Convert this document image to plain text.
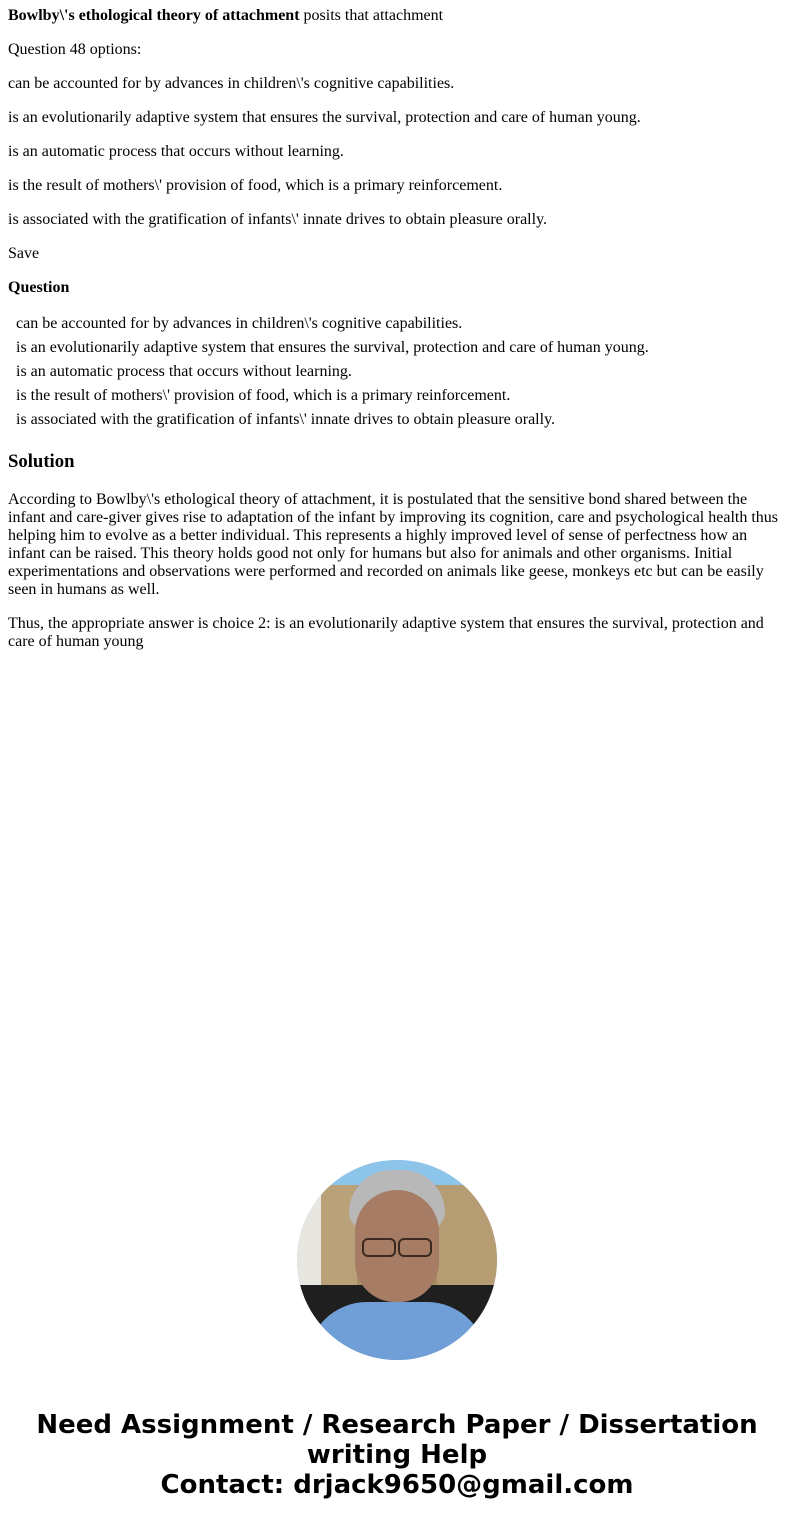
Bowlby\'s ethological theory of attachment posits that attachment

Question 48 options:

can be accounted for by advances in children\'s cognitive capabilities.

is an evolutionarily adaptive system that ensures the survival, protection and care of human young.

is an automatic process that occurs without learning.

is the result of mothers\' provision of food, which is a primary reinforcement.

is associated with the gratification of infants\' innate drives to obtain pleasure orally.

Save

Question

can be accounted for by advances in children\'s cognitive capabilities.
is an evolutionarily adaptive system that ensures the survival, protection and care of human young.
is an automatic process that occurs without learning.
is the result of mothers\' provision of food, which is a primary reinforcement.
is associated with the gratification of infants\' innate drives to obtain pleasure orally.
Solution

According to Bowlby\'s ethological theory of attachment, it is postulated that the sensitive bond shared between the infant and care-giver gives rise to adaptation of the infant by improving its cognition, care and psychological health thus helping him to evolve as a better individual. This represents a highly improved level of sense of perfectness how an infant can be raised. This theory holds good not only for humans but also for animals and other organisms. Initial experimentations and observations were performed and recorded on animals like geese, monkeys etc but can be easily seen in humans as well.

Thus, the appropriate answer is choice 2: is an evolutionarily adaptive system that ensures the survival, protection and care of human young

Need Assignment / Research Paper / Dissertation
writing Help
Contact: drjack9650@gmail.com
